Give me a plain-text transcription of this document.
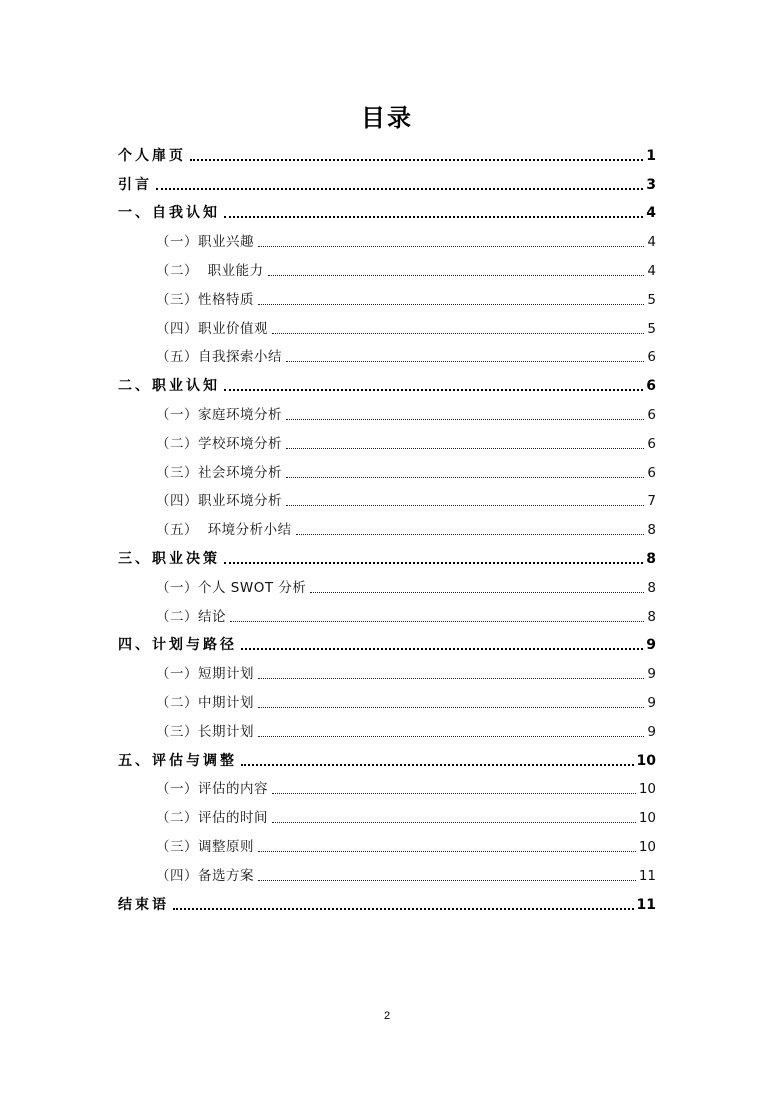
目录
个人扉页	1
引言	3
一、自我认知	4
（一）职业兴趣	4
（二）  职业能力	4
（三）性格特质	5
（四）职业价值观	5
（五）自我探索小结	6
二、职业认知	6
（一）家庭环境分析	6
（二）学校环境分析	6
（三）社会环境分析	6
（四）职业环境分析	7
（五）  环境分析小结	8
三、职业决策	8
（一）个人 SWOT 分析	8
（二）结论	8
四、计划与路径	9
（一）短期计划	9
（二）中期计划	9
（三）长期计划	9
五、评估与调整	10
（一）评估的内容	10
（二）评估的时间	10
（三）调整原则	10
（四）备选方案	11
结束语	11
2
